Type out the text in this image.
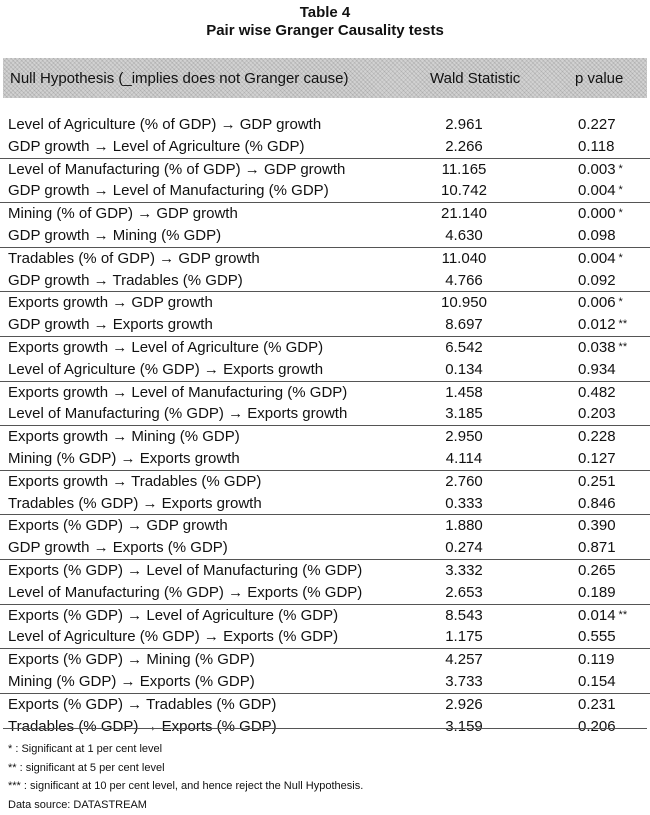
Table 4
Pair wise Granger Causality tests
Null Hypothesis (_implies does not Granger cause)	Wald Statistic	p value
Level of Agriculture (% of GDP) → GDP growth	2.961	0.227
GDP growth → Level of Agriculture (% GDP)	2.266	0.118
Level of Manufacturing (% of GDP) → GDP growth	11.165	0.003 *
GDP growth → Level of Manufacturing (% GDP)	10.742	0.004 *
Mining (% of GDP) → GDP growth	21.140	0.000 *
GDP growth → Mining (% GDP)	4.630	0.098
Tradables (% of GDP) → GDP growth	11.040	0.004 *
GDP growth → Tradables (% GDP)	4.766	0.092
Exports growth → GDP growth	10.950	0.006 *
GDP growth → Exports growth	8.697	0.012 **
Exports growth → Level of Agriculture (% GDP)	6.542	0.038 **
Level of Agriculture (% GDP) → Exports growth	0.134	0.934
Exports growth → Level of Manufacturing (% GDP)	1.458	0.482
Level of Manufacturing (% GDP) → Exports growth	3.185	0.203
Exports growth → Mining (% GDP)	2.950	0.228
Mining (% GDP) → Exports growth	4.114	0.127
Exports growth → Tradables (% GDP)	2.760	0.251
Tradables (% GDP) → Exports growth	0.333	0.846
Exports (% GDP) → GDP growth	1.880	0.390
GDP growth → Exports (% GDP)	0.274	0.871
Exports (% GDP) → Level of Manufacturing (% GDP)	3.332	0.265
Level of Manufacturing (% GDP) → Exports (% GDP)	2.653	0.189
Exports (% GDP) → Level of Agriculture (% GDP)	8.543	0.014 **
Level of Agriculture (% GDP) → Exports (% GDP)	1.175	0.555
Exports (% GDP) → Mining (% GDP)	4.257	0.119
Mining (% GDP) → Exports (% GDP)	3.733	0.154
Exports (% GDP) → Tradables (% GDP)	2.926	0.231
Tradables (% GDP) → Exports (% GDP)	3.159	0.206
* : Significant at 1 per cent level
** : significant at 5 per cent level
*** : significant at 10 per cent level, and hence reject the Null Hypothesis.
Data source: DATASTREAM
